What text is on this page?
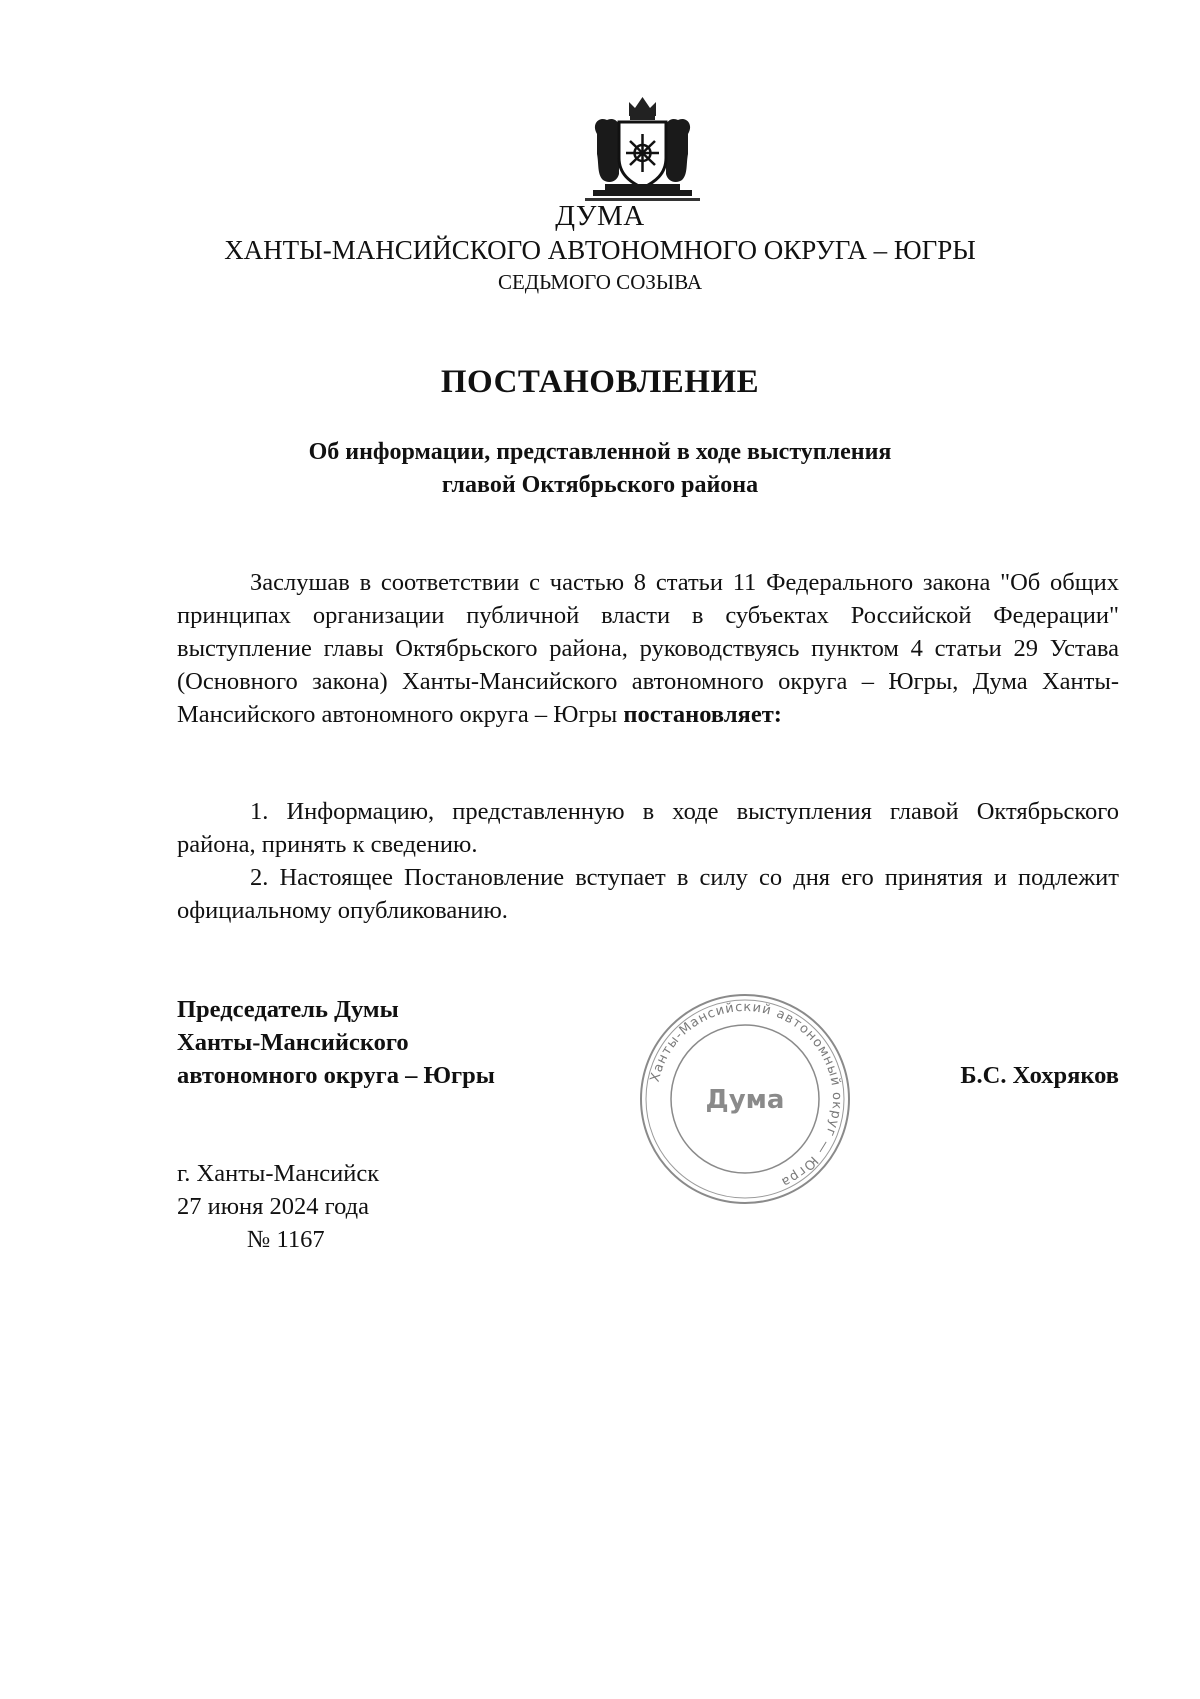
ДУМА
ХАНТЫ-МАНСИЙСКОГО АВТОНОМНОГО ОКРУГА – ЮГРЫ
СЕДЬМОГО СОЗЫВА
ПОСТАНОВЛЕНИЕ
Об информации, представленной в ходе выступления
главой Октябрьского района

Заслушав в соответствии с частью 8 статьи 11 Федерального закона "Об общих принципах организации публичной власти в субъектах Российской Федерации" выступление главы Октябрьского района, руководствуясь пунктом 4 статьи 29 Устава (Основного закона) Ханты-Мансийского автономного округа – Югры, Дума Ханты-Мансийского автономного округа – Югры постановляет:

1. Информацию, представленную в ходе выступления главой Октябрьского района, принять к сведению.

2. Настоящее Постановление вступает в силу со дня его принятия и подлежит официальному опубликованию.

Председатель Думы
Ханты-Мансийского
автономного округа – Югры	Ханты-Мансийский автономный округ — Югра
Дума
Б.С. Хохряков
г. Ханты-Мансийск
27 июня 2024 года
№ 1167
